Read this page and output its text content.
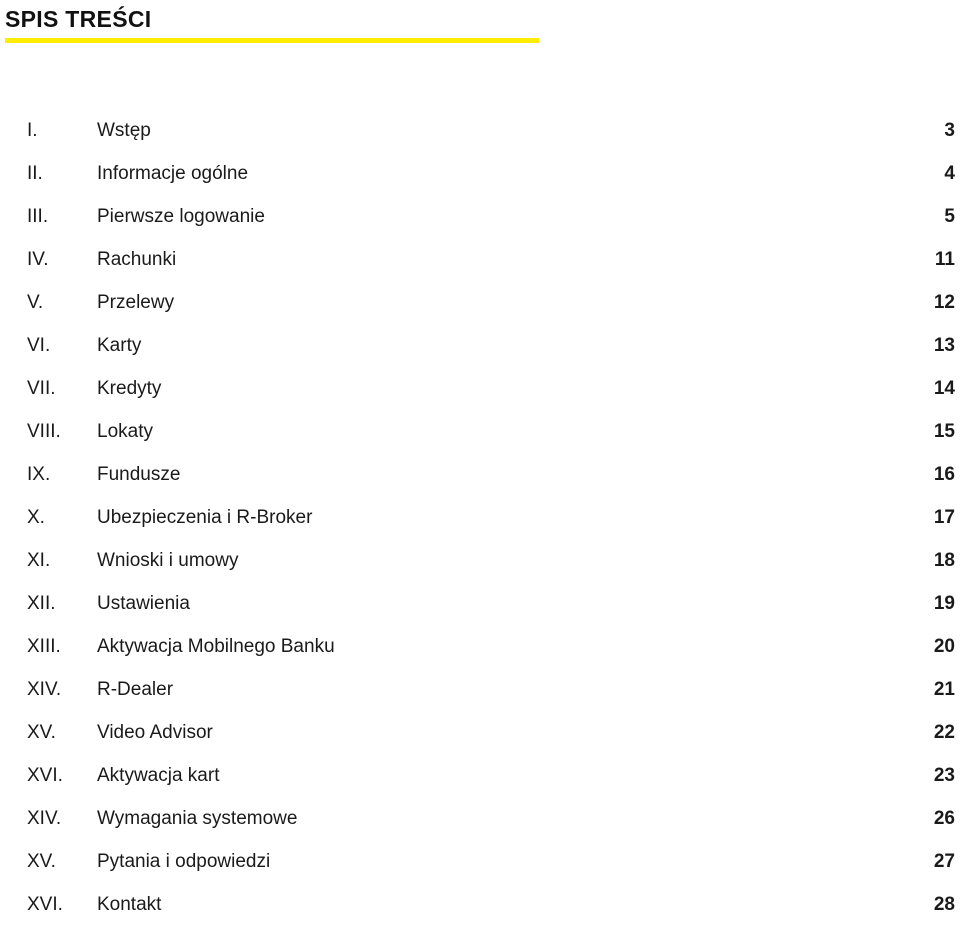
SPIS TREŚCI
I.	Wstęp	3
II.	Informacje ogólne	4
III.	Pierwsze logowanie	5
IV.	Rachunki	11
V.	Przelewy	12
VI. Karty	13
VII. Kredyty	14
VIII. Lokaty	15
IX. Fundusze	16
X.	Ubezpieczenia i R-Broker	17
XI. Wnioski i umowy	18
XII. Ustawienia	19
XIII. Aktywacja Mobilnego Banku	20
XIV. R-Dealer	21
XV. Video Advisor	22
XVI. Aktywacja kart	23
XIV. Wymagania systemowe	26
XV. Pytania i odpowiedzi	27
XVI. Kontakt	28
